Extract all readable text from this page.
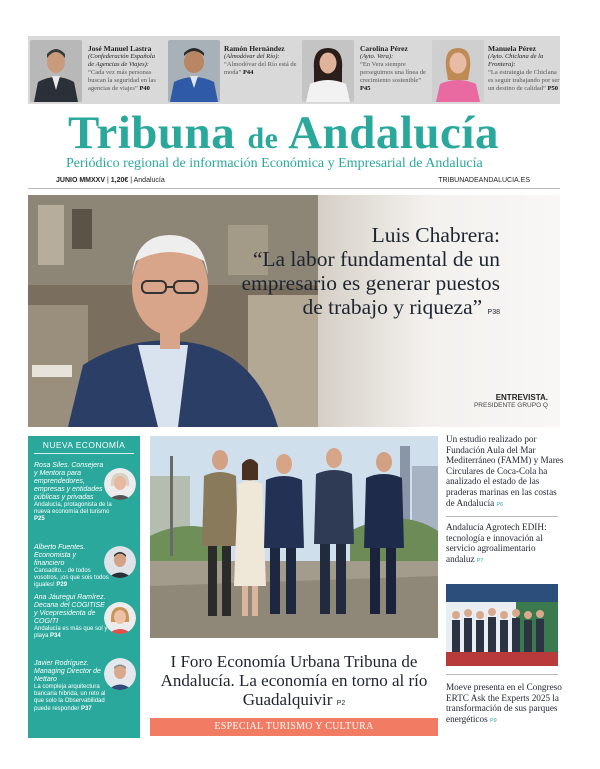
José Manuel Lastra
(Confederación Española de Agencias de Viajes):
“Cada vez más personas buscan la seguridad en las agencias de viajes” P40
Ramón Hernández
(Almodóvar del Río):
“Almodóvar del Río está de moda” P44
Carolina Pérez
(Ayto. Vera):
“En Vera siempre perseguimos una línea de crecimiento sostenible” P45
Manuela Pérez
(Ayto. Chiclana de la Frontera):
“La estrategia de Chiclana es seguir trabajando por ser un destino de calidad” P50
Tribuna de Andalucía
Periódico regional de información Económica y Empresarial de Andalucía
JUNIO MMXXV | 1,20€ | Andalucía	TRIBUNADEANDALUCIA.ES
Luis Chabrera:
“La labor fundamental de un empresario es generar puestos de trabajo y riqueza” P38
ENTREVISTA.
PRESIDENTE GRUPO Q
NUEVA ECONOMÍA
Rosa Siles. Consejera y Mentora para emprendedores, empresas y entidades públicas y privadas
Andalucía, protagonista de la nueva economía del turismo P25
Alberto Fuentes. Economista y financiero
Cansadito... de todos vosotros, ¡os que sois todos iguales! P29
Ana Jáuregui Ramírez. Decana del COGITISE y Vicepresidenta de COGITI
Andalucía es más que sol y playa P34
Javier Rodríguez. Managing Director de Nettaro
La compleja arquitectura bancaria híbrida, un reto al que solo la Observabilidad puede responder P37
I Foro Economía Urbana Tribuna de Andalucía. La economía en torno al río Guadalquivir P2
ESPECIAL TURISMO Y CULTURA
Un estudio realizado por Fundación Aula del Mar Mediterráneo (FAMM) y Mares Circulares de Coca-Cola ha analizado el estado de las praderas marinas en las costas de Andalucía P6
Andalucía Agrotech EDIH: tecnología e innovación al servicio agroalimentario andaluz P7
Moeve presenta en el Congreso ERTC Ask the Experts 2025 la transformación de sus parques energéticos P9
